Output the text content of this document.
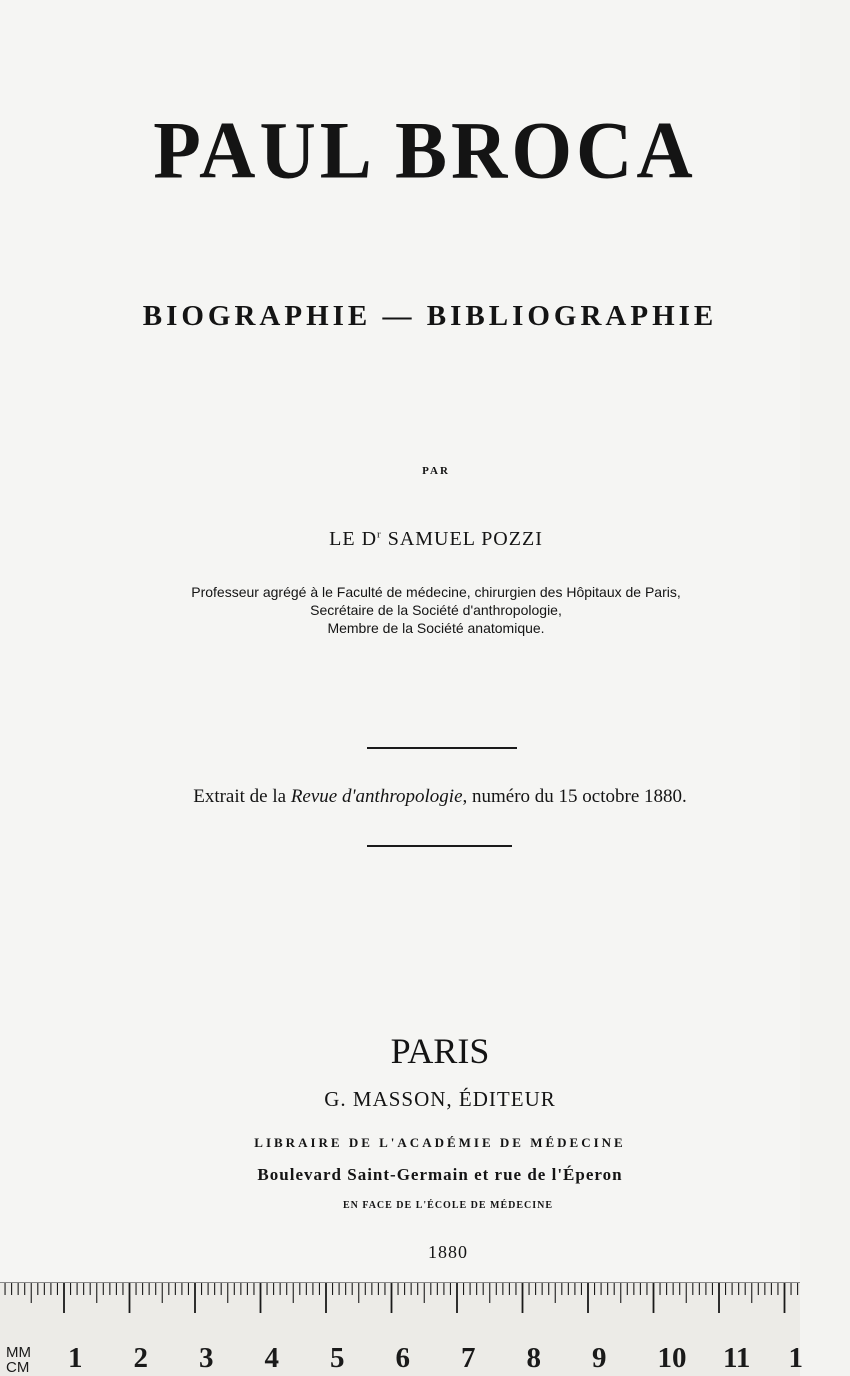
PAUL BROCA
BIOGRAPHIE — BIBLIOGRAPHIE
PAR
LE $D^r$ SAMUEL POZZI
Professeur agrégé à le Faculté de médecine, chirurgien des Hôpitaux de Paris,
Secrétaire de la Société d'anthropologie,
Membre de la Société anatomique.
Extrait de la Revue d'anthropologie, numéro du 15 octobre 1880.
PARIS
G. MASSON, ÉDITEUR
LIBRAIRE DE L'ACADÉMIE DE MÉDECINE
Boulevard Saint-Germain et rue de l'Éperon
EN FACE DE L'ÉCOLE DE MÉDECINE
1880
1 2 3 4 5 6 7 8 9 10 11 1
MM
CM
